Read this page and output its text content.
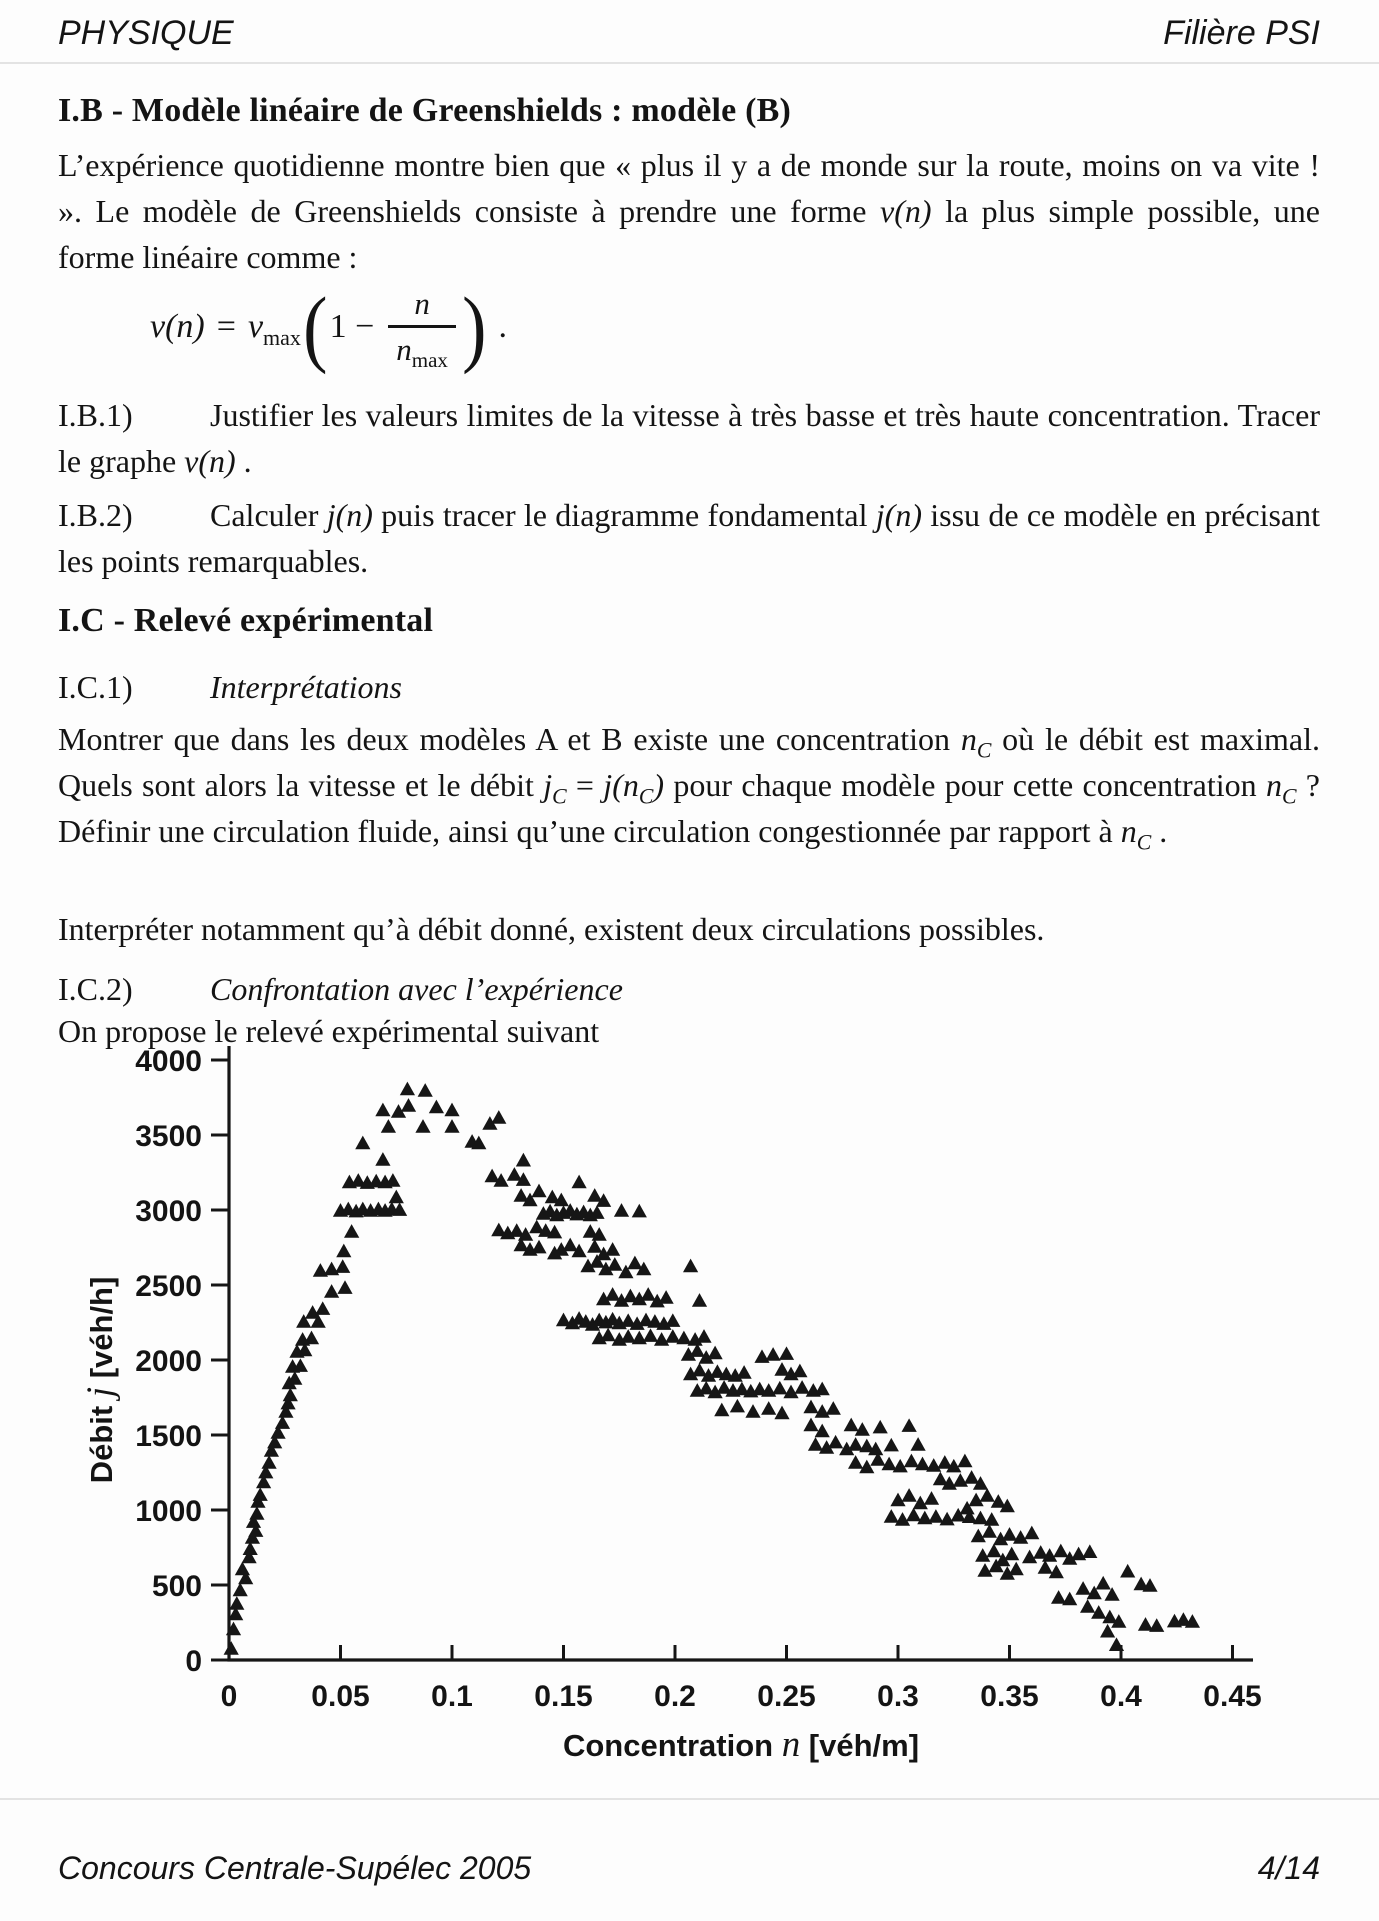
PHYSIQUE	Filière PSI
I.B - Modèle linéaire de Greenshields : modèle (B)

L’expérience quotidienne montre bien que « plus il y a de monde sur la route, moins on va vite ! ». Le modèle de Greenshields consiste à prendre une forme v(n) la plus simple possible, une forme linéaire comme :

$v(n) = v_{max}$ ( $1 - \frac{n}{n_{max}}$ ) .

I.B.1) Justifier les valeurs limites de la vitesse à très basse et très haute concentration. Tracer le graphe v(n) .

I.B.2) Calculer j(n) puis tracer le diagramme fondamental j(n) issu de ce modèle en précisant les points remarquables.

I.C - Relevé expérimental

I.C.1) Interprétations

Montrer que dans les deux modèles A et B existe une concentration $n_C$ où le débit est maximal. Quels sont alors la vitesse et le débit $j_C = j(n_C)$ pour chaque modèle pour cette concentration $n_C$ ? Définir une circulation fluide, ainsi qu’une circulation congestionnée par rapport à $n_C$ .

Interpréter notamment qu’à débit donné, existent deux circulations possibles.

I.C.2) Confrontation avec l’expérience

On propose le relevé expérimental suivant

0
500
1000
1500
2000
2500
3000
3500
4000
0 0.05 0.1 0.15 0.2 0.25 0.3 0.35 0.4 0.45
Débit j [véh/h]
Concentration n [véh/m]
Concours Centrale-Supélec 2005	4/14
